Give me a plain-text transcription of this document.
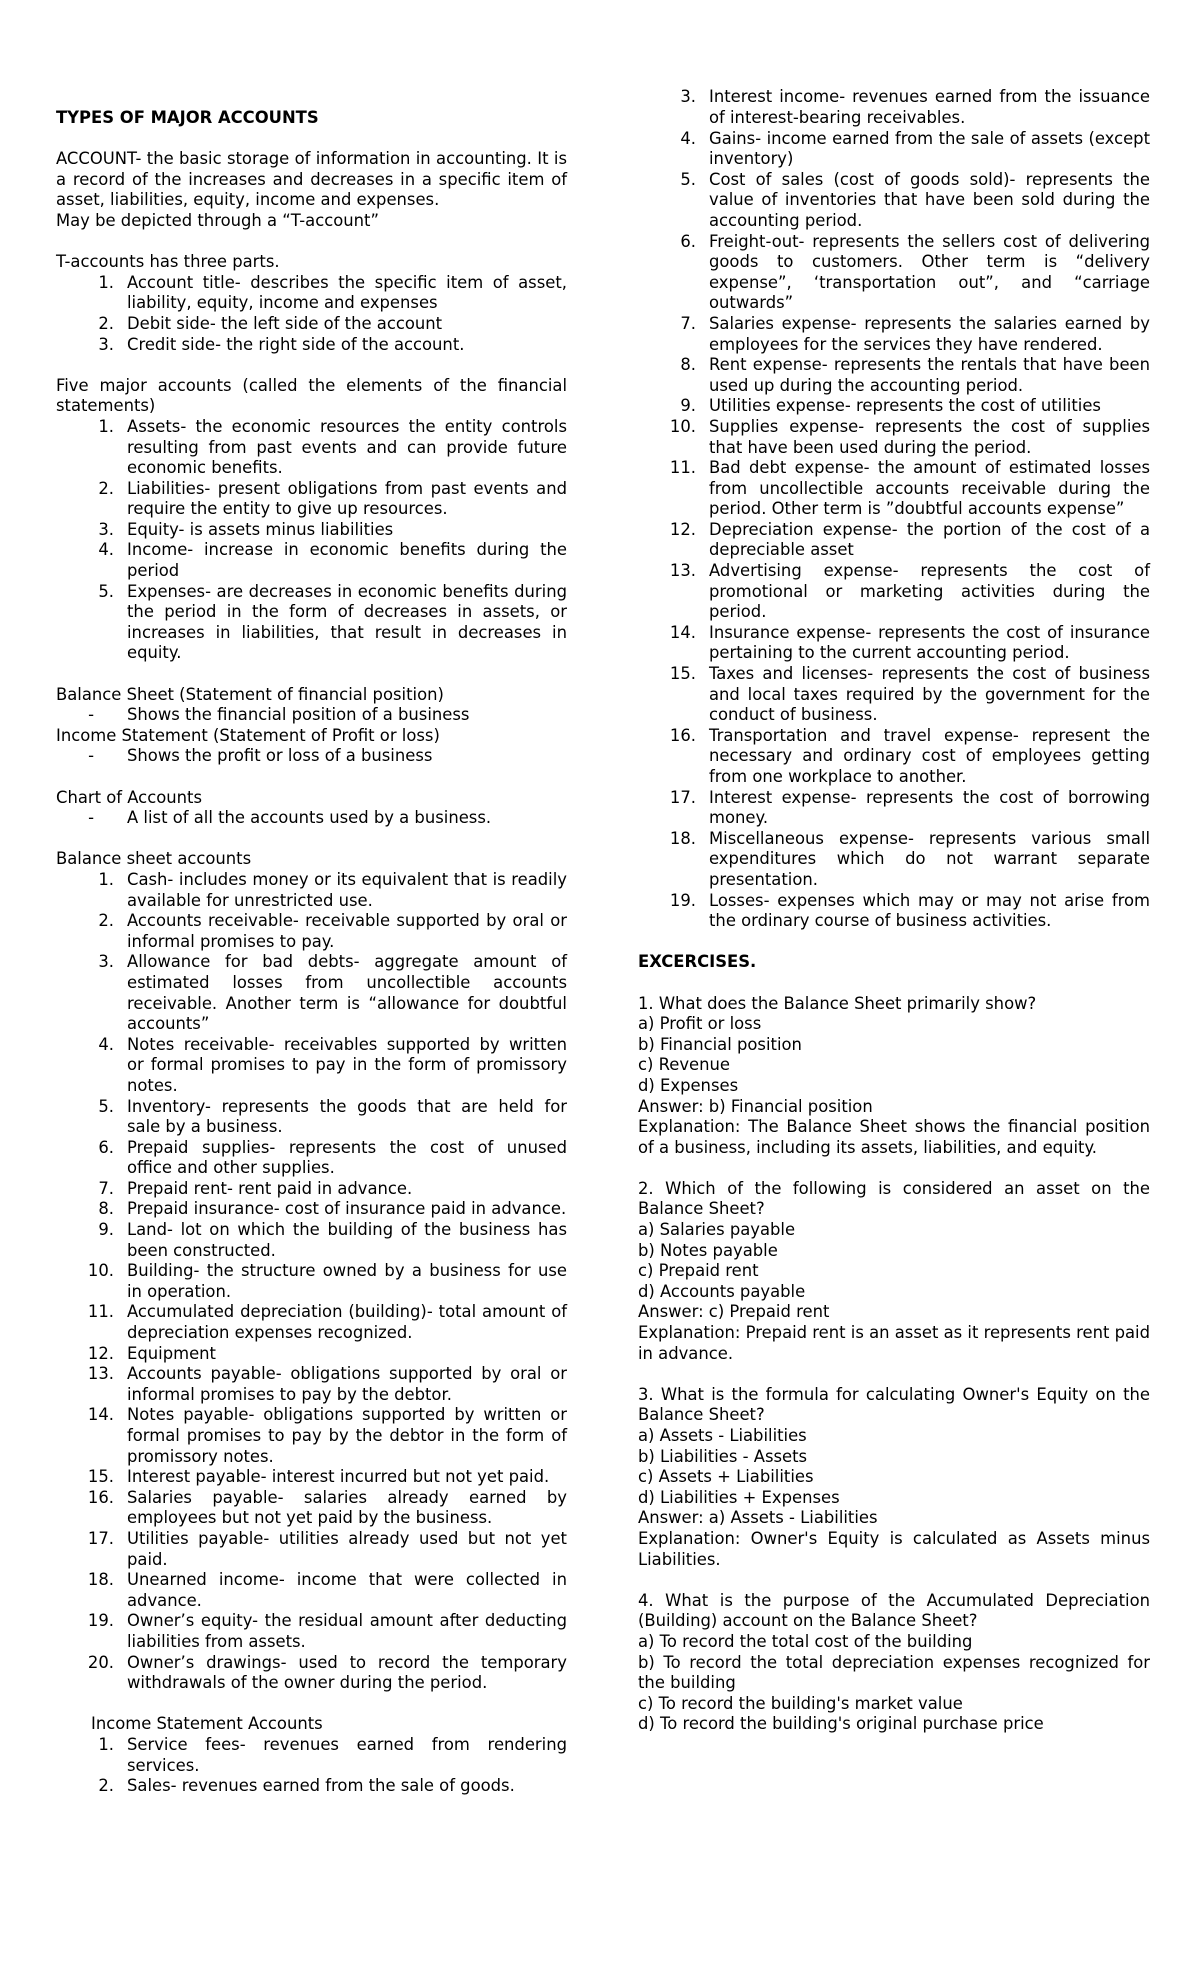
TYPES OF MAJOR ACCOUNTS

ACCOUNT- the basic storage of information in accounting. It is a record of the increases and decreases in a specific item of asset, liabilities, equity, income and expenses.

May be depicted through a “T-account”

T-accounts has three parts.

1. Account title- describes the specific item of asset, liability, equity, income and expenses
2. Debit side- the left side of the account
3. Credit side- the right side of the account.

Five major accounts (called the elements of the financial statements)

1. Assets- the economic resources the entity controls resulting from past events and can provide future economic benefits.
2. Liabilities- present obligations from past events and require the entity to give up resources.
3. Equity- is assets minus liabilities
4. Income- increase in economic benefits during the period
5. Expenses- are decreases in economic benefits during the period in the form of decreases in assets, or increases in liabilities, that result in decreases in equity.

Balance Sheet (Statement of financial position)

- Shows the financial position of a business

Income Statement (Statement of Profit or loss)

- Shows the profit or loss of a business

Chart of Accounts

- A list of all the accounts used by a business.

Balance sheet accounts

1. Cash- includes money or its equivalent that is readily available for unrestricted use.
2. Accounts receivable- receivable supported by oral or informal promises to pay.
3. Allowance for bad debts- aggregate amount of estimated losses from uncollectible accounts receivable. Another term is “allowance for doubtful accounts”
4. Notes receivable- receivables supported by written or formal promises to pay in the form of promissory notes.
5. Inventory- represents the goods that are held for sale by a business.
6. Prepaid supplies- represents the cost of unused office and other supplies.
7. Prepaid rent- rent paid in advance.
8. Prepaid insurance- cost of insurance paid in advance.
9. Land- lot on which the building of the business has been constructed.
10. Building- the structure owned by a business for use in operation.
11. Accumulated depreciation (building)- total amount of depreciation expenses recognized.
12. Equipment
13. Accounts payable- obligations supported by oral or informal promises to pay by the debtor.
14. Notes payable- obligations supported by written or formal promises to pay by the debtor in the form of promissory notes.
15. Interest payable- interest incurred but not yet paid.
16. Salaries payable- salaries already earned by employees but not yet paid by the business.
17. Utilities payable- utilities already used but not yet paid.
18. Unearned income- income that were collected in advance.
19. Owner’s equity- the residual amount after deducting liabilities from assets.
20. Owner’s drawings- used to record the temporary withdrawals of the owner during the period.

Income Statement Accounts

1. Service fees- revenues earned from rendering services.
2. Sales- revenues earned from the sale of goods.
3. Interest income- revenues earned from the issuance of interest-bearing receivables.
4. Gains- income earned from the sale of assets (except inventory)
5. Cost of sales (cost of goods sold)- represents the value of inventories that have been sold during the accounting period.
6. Freight-out- represents the sellers cost of delivering goods to customers. Other term is “delivery expense”, ‘transportation out”, and “carriage outwards”
7. Salaries expense- represents the salaries earned by employees for the services they have rendered.
8. Rent expense- represents the rentals that have been used up during the accounting period.
9. Utilities expense- represents the cost of utilities
10. Supplies expense- represents the cost of supplies that have been used during the period.
11. Bad debt expense- the amount of estimated losses from uncollectible accounts receivable during the period. Other term is ”doubtful accounts expense”
12. Depreciation expense- the portion of the cost of a depreciable asset
13. Advertising expense- represents the cost of promotional or marketing activities during the period.
14. Insurance expense- represents the cost of insurance pertaining to the current accounting period.
15. Taxes and licenses- represents the cost of business and local taxes required by the government for the conduct of business.
16. Transportation and travel expense- represent the necessary and ordinary cost of employees getting from one workplace to another.
17. Interest expense- represents the cost of borrowing money.
18. Miscellaneous expense- represents various small expenditures which do not warrant separate presentation.
19. Losses- expenses which may or may not arise from the ordinary course of business activities.

EXCERCISES.

1. What does the Balance Sheet primarily show?

a) Profit or loss

b) Financial position

c) Revenue

d) Expenses

Answer: b) Financial position

Explanation: The Balance Sheet shows the financial position of a business, including its assets, liabilities, and equity.

2. Which of the following is considered an asset on the Balance Sheet?

a) Salaries payable

b) Notes payable

c) Prepaid rent

d) Accounts payable

Answer: c) Prepaid rent

Explanation: Prepaid rent is an asset as it represents rent paid in advance.

3. What is the formula for calculating Owner's Equity on the Balance Sheet?

a) Assets - Liabilities

b) Liabilities - Assets

c) Assets + Liabilities

d) Liabilities + Expenses

Answer: a) Assets - Liabilities

Explanation: Owner's Equity is calculated as Assets minus Liabilities.

4. What is the purpose of the Accumulated Depreciation (Building) account on the Balance Sheet?

a) To record the total cost of the building

b) To record the total depreciation expenses recognized for the building

c) To record the building's market value

d) To record the building's original purchase price
